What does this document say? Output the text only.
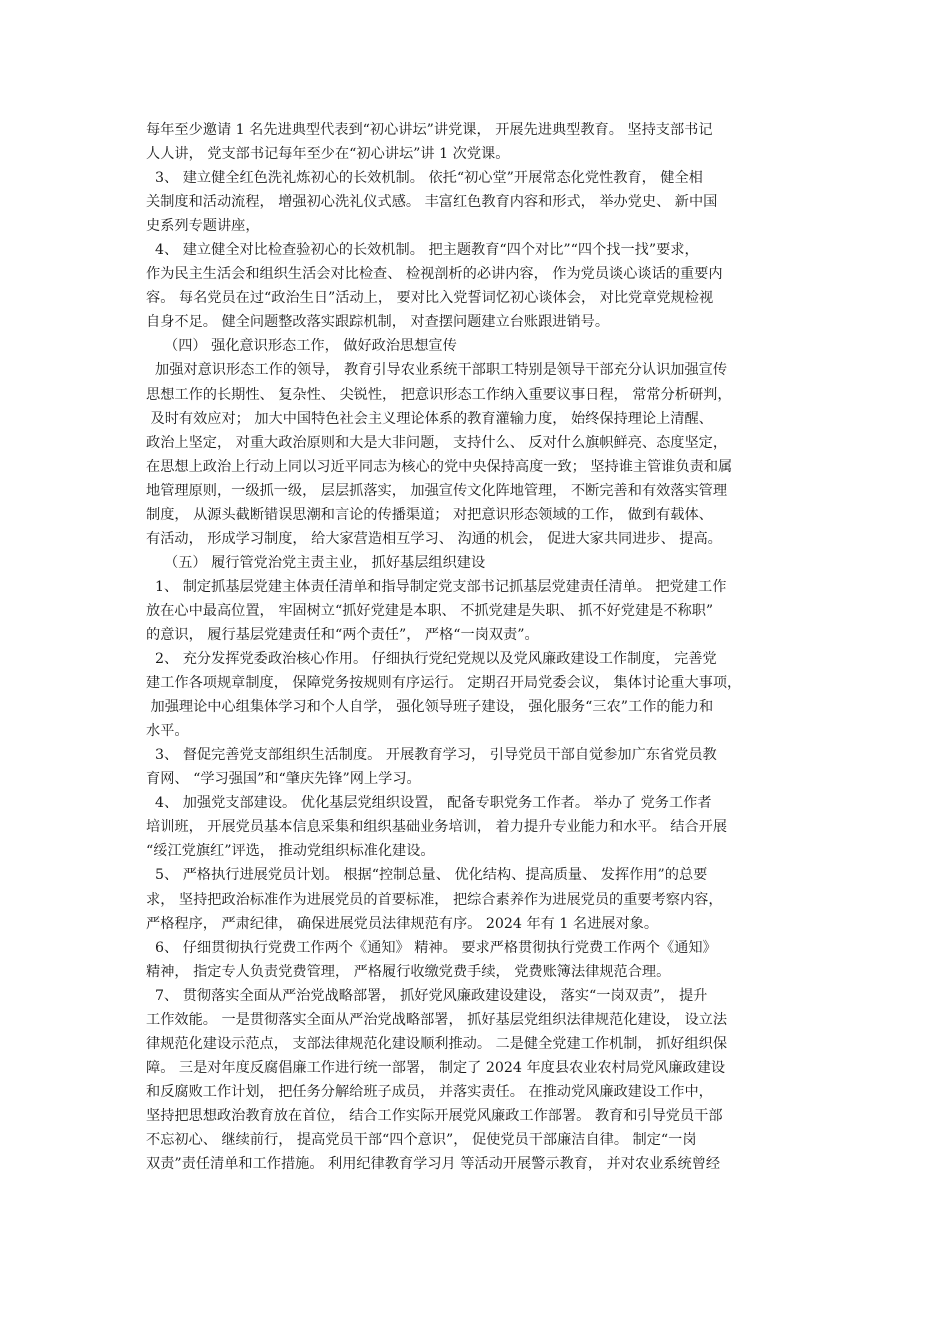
每年至少邀请 1 名先进典型代表到“初心讲坛”讲党课， 开展先进典型教育。 坚持支部书记
人人讲， 党支部书记每年至少在“初心讲坛”讲 1 次党课。
3、 建立健全红色洗礼炼初心的长效机制。 依托“初心堂”开展常态化党性教育， 健全相
关制度和活动流程， 增强初心洗礼仪式感。 丰富红色教育内容和形式， 举办党史、 新中国
史系列专题讲座，
4、 建立健全对比检查验初心的长效机制。 把主题教育“四个对比”“四个找一找”要求，
作为民主生活会和组织生活会对比检查、 检视剖析的必讲内容， 作为党员谈心谈话的重要内
容。 每名党员在过“政治生日”活动上， 要对比入党誓词忆初心谈体会， 对比党章党规检视
自身不足。 健全问题整改落实跟踪机制， 对查摆问题建立台账跟进销号。
（四） 强化意识形态工作， 做好政治思想宣传
加强对意识形态工作的领导， 教育引导农业系统干部职工特别是领导干部充分认识加强宣传
思想工作的长期性、 复杂性、 尖锐性， 把意识形态工作纳入重要议事日程， 常常分析研判，
及时有效应对； 加大中国特色社会主义理论体系的教育灌输力度， 始终保持理论上清醒、
政治上坚定， 对重大政治原则和大是大非问题， 支持什么、 反对什么旗帜鲜亮、态度坚定，
在思想上政治上行动上同以习近平同志为核心的党中央保持高度一致； 坚持谁主管谁负责和属
地管理原则，一级抓一级， 层层抓落实， 加强宣传文化阵地管理， 不断完善和有效落实管理
制度， 从源头截断错误思潮和言论的传播渠道； 对把意识形态领域的工作， 做到有载体、
有活动， 形成学习制度， 给大家营造相互学习、 沟通的机会， 促进大家共同进步、 提高。
（五） 履行管党治党主责主业， 抓好基层组织建设
1、 制定抓基层党建主体责任清单和指导制定党支部书记抓基层党建责任清单。 把党建工作
放在心中最高位置， 牢固树立“抓好党建是本职、 不抓党建是失职、 抓不好党建是不称职”
的意识， 履行基层党建责任和“两个责任”， 严格“一岗双责”。
2、 充分发挥党委政治核心作用。 仔细执行党纪党规以及党风廉政建设工作制度， 完善党
建工作各项规章制度， 保障党务按规则有序运行。 定期召开局党委会议， 集体讨论重大事项，
加强理论中心组集体学习和个人自学， 强化领导班子建设， 强化服务“三农”工作的能力和
水平。
3、 督促完善党支部组织生活制度。 开展教育学习， 引导党员干部自觉参加广东省党员教
育网、 “学习强国”和“肇庆先锋”网上学习。
4、 加强党支部建设。 优化基层党组织设置， 配备专职党务工作者。 举办了 党务工作者
培训班， 开展党员基本信息采集和组织基础业务培训， 着力提升专业能力和水平。 结合开展
“绥江党旗红”评选， 推动党组织标准化建设。
5、 严格执行进展党员计划。 根据“控制总量、 优化结构、提高质量、 发挥作用”的总要
求， 坚持把政治标准作为进展党员的首要标准， 把综合素养作为进展党员的重要考察内容，
严格程序， 严肃纪律， 确保进展党员法律规范有序。 2024 年有 1 名进展对象。
6、 仔细贯彻执行党费工作两个《通知》 精神。 要求严格贯彻执行党费工作两个《通知》
精神， 指定专人负责党费管理， 严格履行收缴党费手续， 党费账簿法律规范合理。
7、 贯彻落实全面从严治党战略部署， 抓好党风廉政建设建设， 落实“一岗双责”， 提升
工作效能。 一是贯彻落实全面从严治党战略部署， 抓好基层党组织法律规范化建设， 设立法
律规范化建设示范点， 支部法律规范化建设顺利推动。 二是健全党建工作机制， 抓好组织保
障。 三是对年度反腐倡廉工作进行统一部署， 制定了 2024 年度县农业农村局党风廉政建设
和反腐败工作计划， 把任务分解给班子成员， 并落实责任。 在推动党风廉政建设工作中，
坚持把思想政治教育放在首位， 结合工作实际开展党风廉政工作部署。 教育和引导党员干部
不忘初心、 继续前行， 提高党员干部“四个意识”， 促使党员干部廉洁自律。 制定“一岗
双责”责任清单和工作措施。 利用纪律教育学习月 等活动开展警示教育， 并对农业系统曾经
